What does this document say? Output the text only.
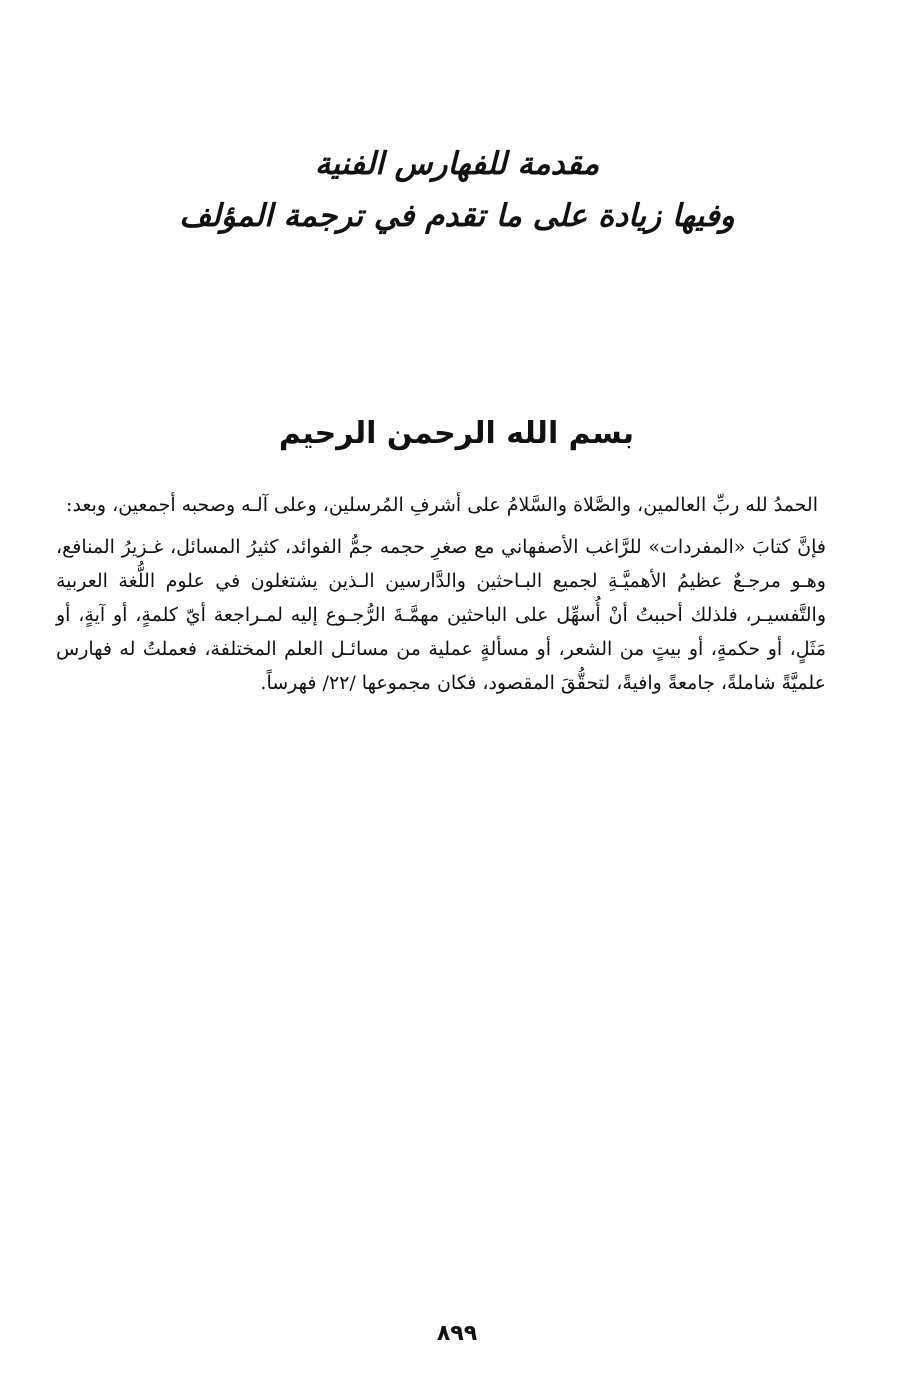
مقدمة للفهارس الفنية
وفيها زيادة على ما تقدم في ترجمة المؤلف
بسم الله الرحمن الرحيم

الحمدُ لله ربِّ العالمين، والصَّلاة والسَّلامُ على أشرفِ المُرسلين، وعلى آلـه وصحبه أجمعين، وبعد:

فإنَّ كتابَ «المفردات» للرَّاغب الأصفهاني مع صغرِ حجمه جمُّ الفوائد، كثيرُ المسائل، غـزيرُ المنافع، وهـو مرجـعٌ عظيمُ الأهميَّـةِ لجميع البـاحثين والدَّارسين الـذين يشتغلون في علوم اللُّغة العربية والتَّفسيـر، فلذلك أحببتُ أنْ أُسهِّل على الباحثين مهمَّـةَ الرُّجـوع إليه لمـراجعة أيّ كلمةٍ، أو آيةٍ، أو مَثَلٍ، أو حكمةٍ، أو بيتٍ من الشعر، أو مسألةٍ عملية من مسائـل العلم المختلفة، فعملتُ له فهارس علميَّةً شاملةً، جامعةً وافيةً، لتحقُّقَ المقصود، فكان مجموعها /٢٢/ فهرساً.

٨٩٩
